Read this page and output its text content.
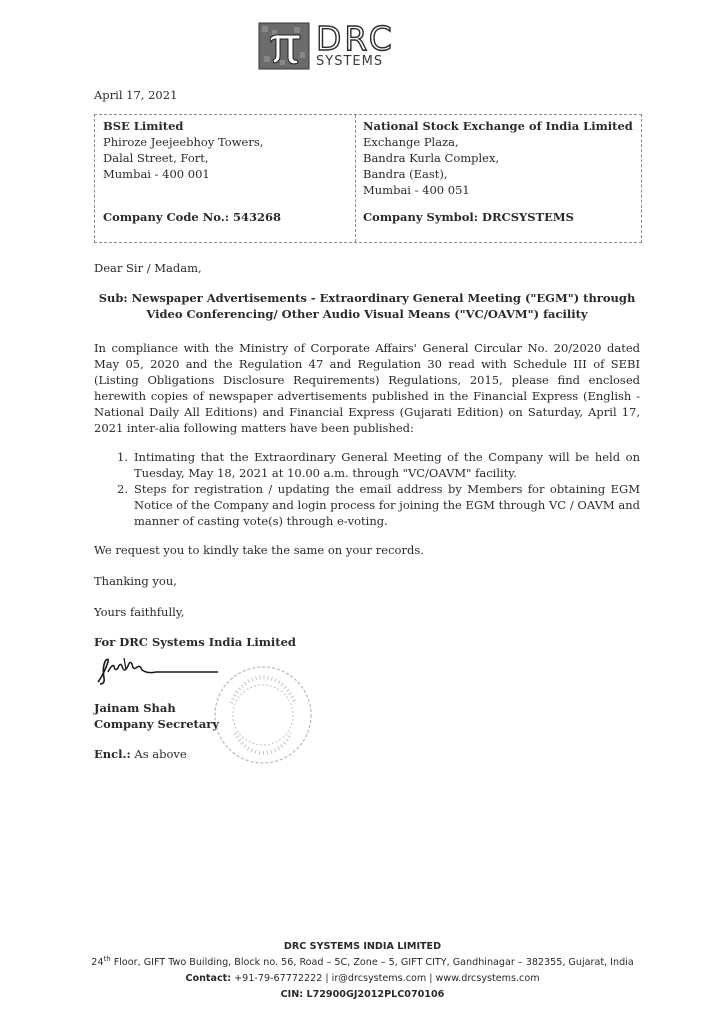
DRC
SYSTEMS
April 17, 2021
BSE Limited
Phiroze Jeejeebhoy Towers,
Dalal Street, Fort,
Mumbai - 400 001
Company Code No.: 543268
National Stock Exchange of India Limited
Exchange Plaza,
Bandra Kurla Complex,
Bandra (East),
Mumbai - 400 051
Company Symbol: DRCSYSTEMS
Dear Sir / Madam,
Sub: Newspaper Advertisements - Extraordinary General Meeting ("EGM") through Video Conferencing/ Other Audio Visual Means ("VC/OAVM") facility
In compliance with the Ministry of Corporate Affairs' General Circular No. 20/2020 dated May 05, 2020 and the Regulation 47 and Regulation 30 read with Schedule III of SEBI (Listing Obligations Disclosure Requirements) Regulations, 2015, please find enclosed herewith copies of newspaper advertisements published in the Financial Express (English - National Daily All Editions) and Financial Express (Gujarati Edition) on Saturday, April 17, 2021 inter-alia following matters have been published:
1. Intimating that the Extraordinary General Meeting of the Company will be held on Tuesday, May 18, 2021 at 10.00 a.m. through "VC/OAVM" facility.
2. Steps for registration / updating the email address by Members for obtaining EGM Notice of the Company and login process for joining the EGM through VC / OAVM and manner of casting vote(s) through e-voting.
We request you to kindly take the same on your records.
Thanking you,
Yours faithfully,
For DRC Systems India Limited
Jainam Shah
Company Secretary
Encl.: As above
DRC SYSTEMS INDIA LIMITED
24th Floor, GIFT Two Building, Block no. 56, Road – 5C, Zone – 5, GIFT CITY, Gandhinagar – 382355, Gujarat, India
Contact: +91-79-67772222 | ir@drcsystems.com | www.drcsystems.com
CIN: L72900GJ2012PLC070106
